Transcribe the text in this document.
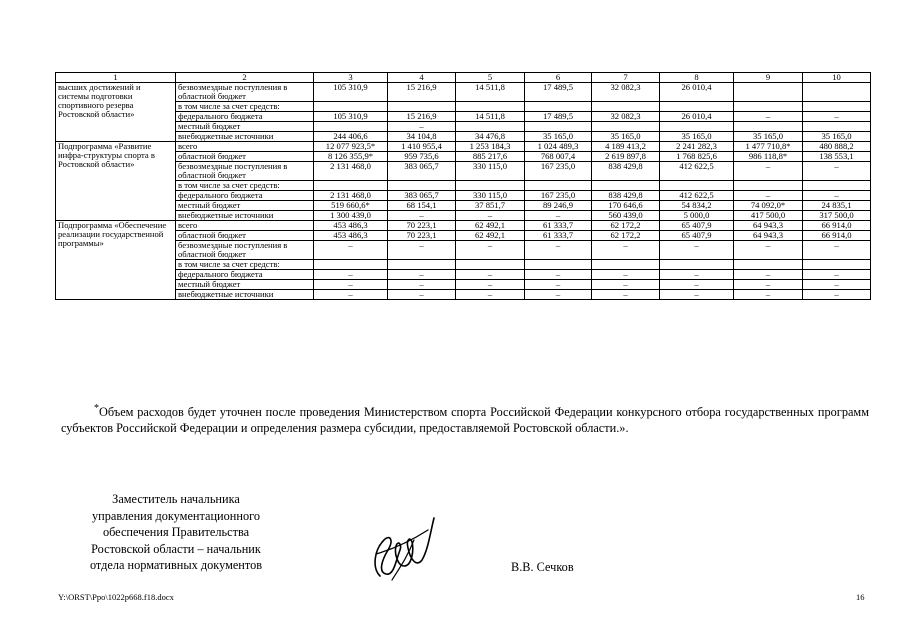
1	2	3	4	5	6	7	8	9	10
высших достижений и системы подготовки спортивного резерва Ростовской области»	безвозмездные поступления в областной бюджет	105 310,9	15 216,9	14 511,8	17 489,5	32 082,3	26 010,4		
	в том числе за счет средств:								
	федерального бюджета	105 310,9	15 216,9	14 511,8	17 489,5	32 082,3	26 010,4	–	–
	местный бюджет		–						
	внебюджетные источники	244 406,6	34 104,8	34 476,8	35 165,0	35 165,0	35 165,0	35 165,0	35 165,0
Подпрограмма «Развитие инфра-структуры спорта в Ростовской области»	всего	12 077 923,5*	1 410 955,4	1 253 184,3	1 024 489,3	4 189 413,2	2 241 282,3	1 477 710,8*	480 888,2
	областной бюджет	8 126 355,9*	959 735,6	885 217,6	768 007,4	2 619 897,8	1 768 825,6	986 118,8*	138 553,1
	безвозмездные поступления в областной бюджет	2 131 468,0	383 065,7	330 115,0	167 235,0	838 429,8	412 622,5	–	–
	в том числе за счет средств:								
	федерального бюджета	2 131 468,0	383 065,7	330 115,0	167 235,0	838 429,8	412 622,5	–	–
	местный бюджет	519 660,6*	68 154,1	37 851,7	89 246,9	170 646,6	54 834,2	74 092,0*	24 835,1
	внебюджетные источники	1 300 439,0	–	–	–	560 439,0	5 000,0	417 500,0	317 500,0
Подпрограмма «Обеспечение реализации государственной программы»	всего	453 486,3	70 223,1	62 492,1	61 333,7	62 172,2	65 407,9	64 943,3	66 914,0
	областной бюджет	453 486,3	70 223,1	62 492,1	61 333,7	62 172,2	65 407,9	64 943,3	66 914,0
	безвозмездные поступления в областной бюджет	–	–	–	–	–	–	–	–
	в том числе за счет средств:								
	федерального бюджета	–	–	–	–	–	–	–	–
	местный бюджет	–	–	–	–	–	–	–	–
	внебюджетные источники	–	–	–	–	–	–	–	–
*Объем расходов будет уточнен после проведения Министерством спорта Российской Федерации конкурсного отбора государственных программ субъектов Российской Федерации и определения размера субсидии, предоставляемой Ростовской области.».
Заместитель начальника
управления документационного
обеспечения Правительства
Ростовской области – начальник
отдела нормативных документов	В.В. Сечков
Y:\ORST\Ppo\1022p668.f18.docx	16
